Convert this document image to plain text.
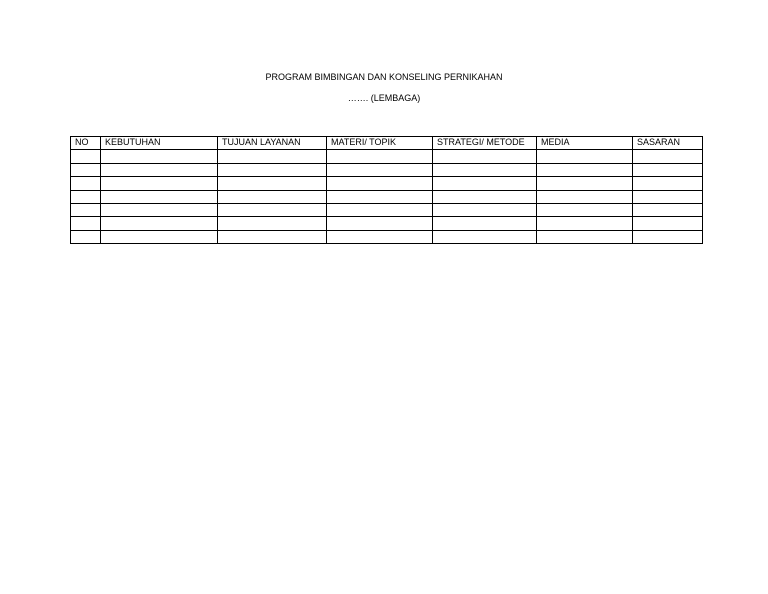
PROGRAM BIMBINGAN DAN KONSELING PERNIKAHAN
……. (LEMBAGA)
NO	KEBUTUHAN	TUJUAN LAYANAN	MATERI/ TOPIK	STRATEGI/ METODE	MEDIA	SASARAN
